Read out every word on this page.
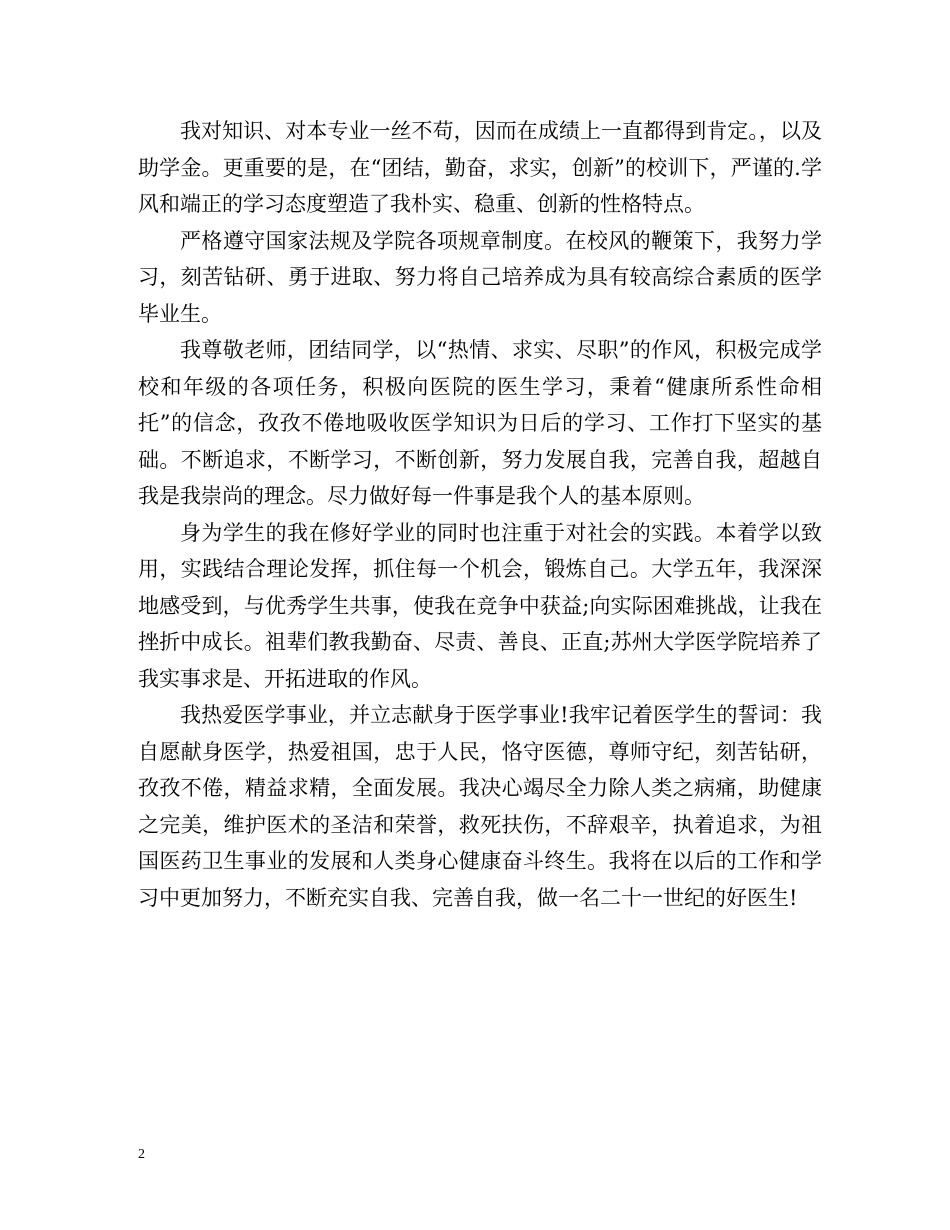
我对知识、对本专业一丝不苟，因而在成绩上一直都得到肯定。，以及助学金。更重要的是，在“团结，勤奋，求实，创新”的校训下，严谨的.学风和端正的学习态度塑造了我朴实、稳重、创新的性格特点。

严格遵守国家法规及学院各项规章制度。在校风的鞭策下，我努力学习，刻苦钻研、勇于进取、努力将自己培养成为具有较高综合素质的医学毕业生。

我尊敬老师，团结同学，以“热情、求实、尽职”的作风，积极完成学校和年级的各项任务，积极向医院的医生学习，秉着“健康所系性命相托”的信念，孜孜不倦地吸收医学知识为日后的学习、工作打下坚实的基础。不断追求，不断学习，不断创新，努力发展自我，完善自我，超越自我是我崇尚的理念。尽力做好每一件事是我个人的基本原则。

身为学生的我在修好学业的同时也注重于对社会的实践。本着学以致用，实践结合理论发挥，抓住每一个机会，锻炼自己。大学五年，我深深地感受到，与优秀学生共事，使我在竞争中获益;向实际困难挑战，让我在挫折中成长。祖辈们教我勤奋、尽责、善良、正直;苏州大学医学院培养了我实事求是、开拓进取的作风。

我热爱医学事业，并立志献身于医学事业!我牢记着医学生的誓词：我自愿献身医学，热爱祖国，忠于人民，恪守医德，尊师守纪，刻苦钻研，孜孜不倦，精益求精，全面发展。我决心竭尽全力除人类之病痛，助健康之完美，维护医术的圣洁和荣誉，救死扶伤，不辞艰辛，执着追求，为祖国医药卫生事业的发展和人类身心健康奋斗终生。我将在以后的工作和学习中更加努力，不断充实自我、完善自我，做一名二十一世纪的好医生!

2
